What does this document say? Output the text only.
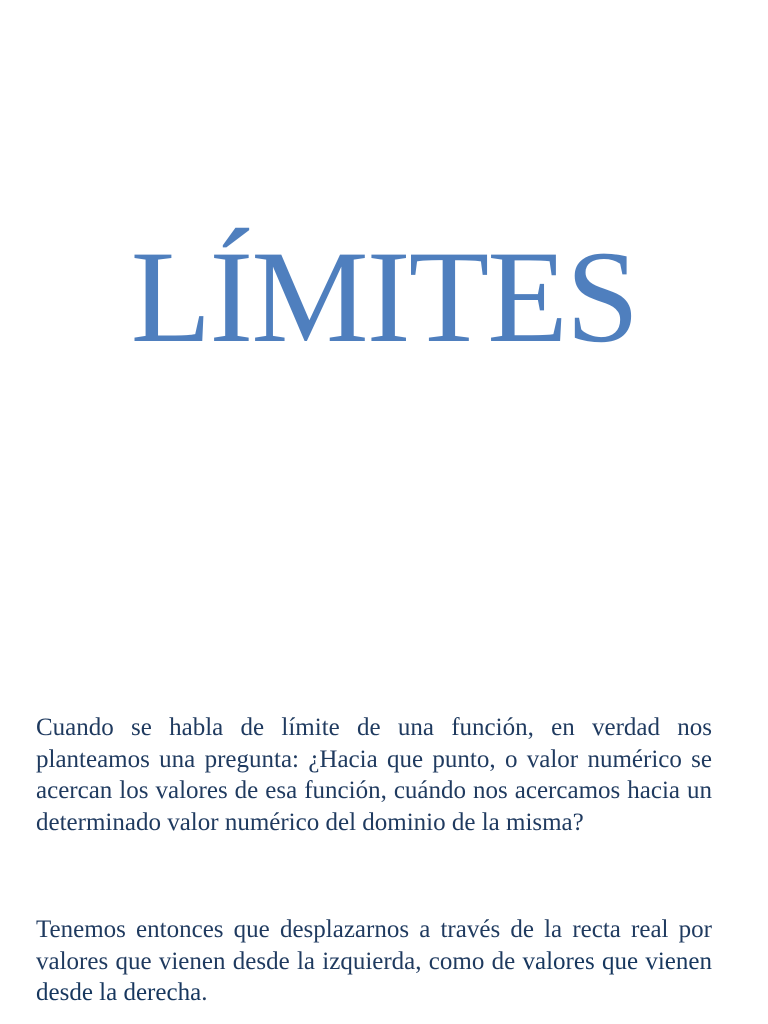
LÍMITES

Cuando se habla de límite de una función, en verdad nos planteamos una pregunta: ¿Hacia que punto, o valor numérico se acercan los valores de esa función, cuándo nos acercamos hacia un determinado valor numérico del dominio de la misma?

Tenemos entonces que desplazarnos a través de la recta real por valores que vienen desde la izquierda, como de valores que vienen desde la derecha.
